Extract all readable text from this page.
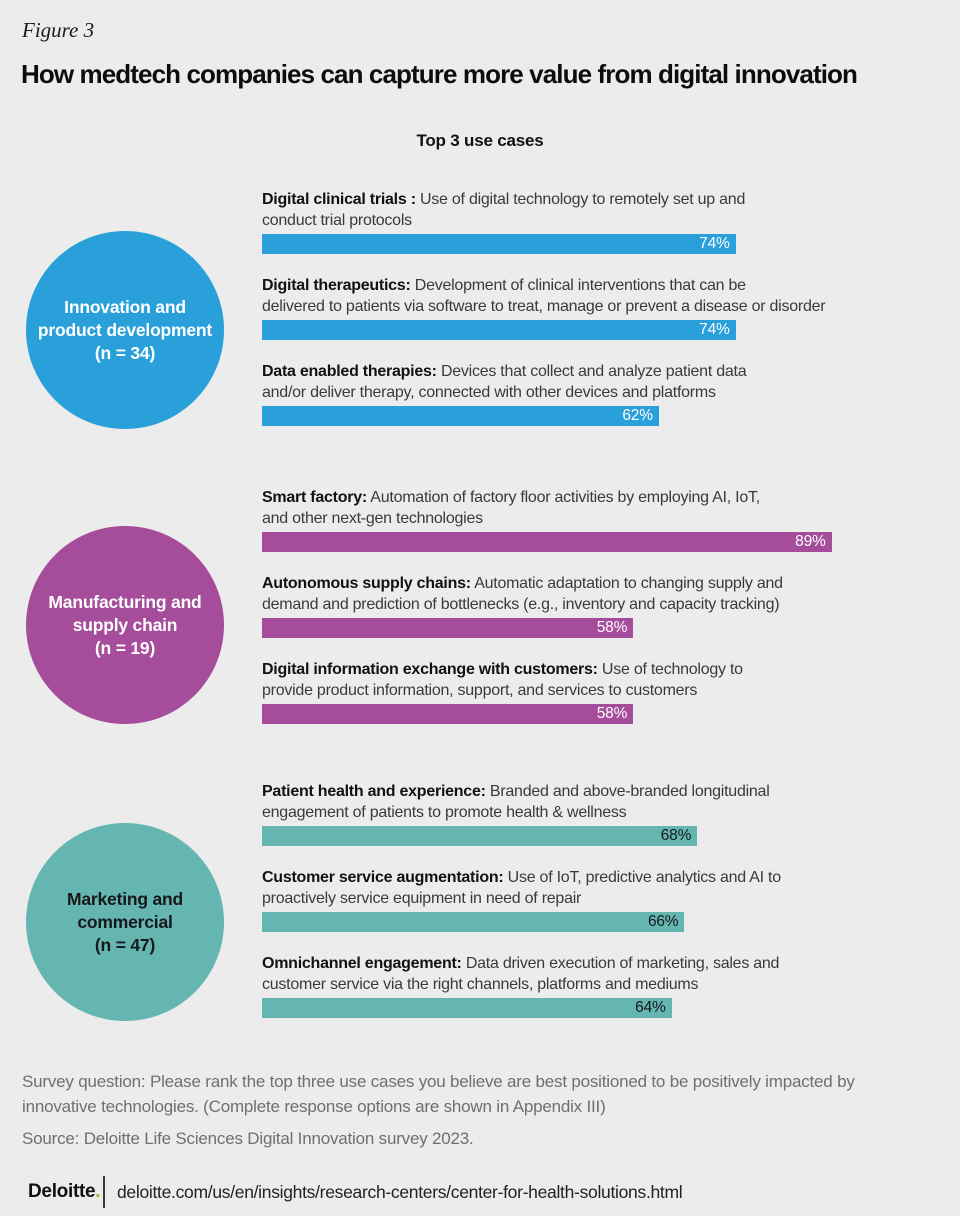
Figure 3
How medtech companies can capture more value from digital innovation
Top 3 use cases
Innovation and product development
(n = 34)
Digital clinical trials : Use of digital technology to remotely set up and
conduct trial protocols
74%
Digital therapeutics: Development of clinical interventions that can be
delivered to patients via software to treat, manage or prevent a disease or disorder
74%
Data enabled therapies: Devices that collect and analyze patient data
and/or deliver therapy, connected with other devices and platforms
62%
Manufacturing and supply chain
(n = 19)
Smart factory: Automation of factory floor activities by employing AI, IoT,
and other next-gen technologies
89%
Autonomous supply chains: Automatic adaptation to changing supply and
demand and prediction of bottlenecks (e.g., inventory and capacity tracking)
58%
Digital information exchange with customers: Use of technology to
provide product information, support, and services to customers
58%
Marketing and commercial
(n = 47)
Patient health and experience: Branded and above-branded longitudinal
engagement of patients to promote health & wellness
68%
Customer service augmentation: Use of IoT, predictive analytics and AI to
proactively service equipment in need of repair
66%
Omnichannel engagement: Data driven execution of marketing, sales and
customer service via the right channels, platforms and mediums
64%
Survey question: Please rank the top three use cases you believe are best positioned to be positively impacted by innovative technologies. (Complete response options are shown in Appendix III)
Source: Deloitte Life Sciences Digital Innovation survey 2023.
Deloitte. deloitte.com/us/en/insights/research-centers/center-for-health-solutions.html
